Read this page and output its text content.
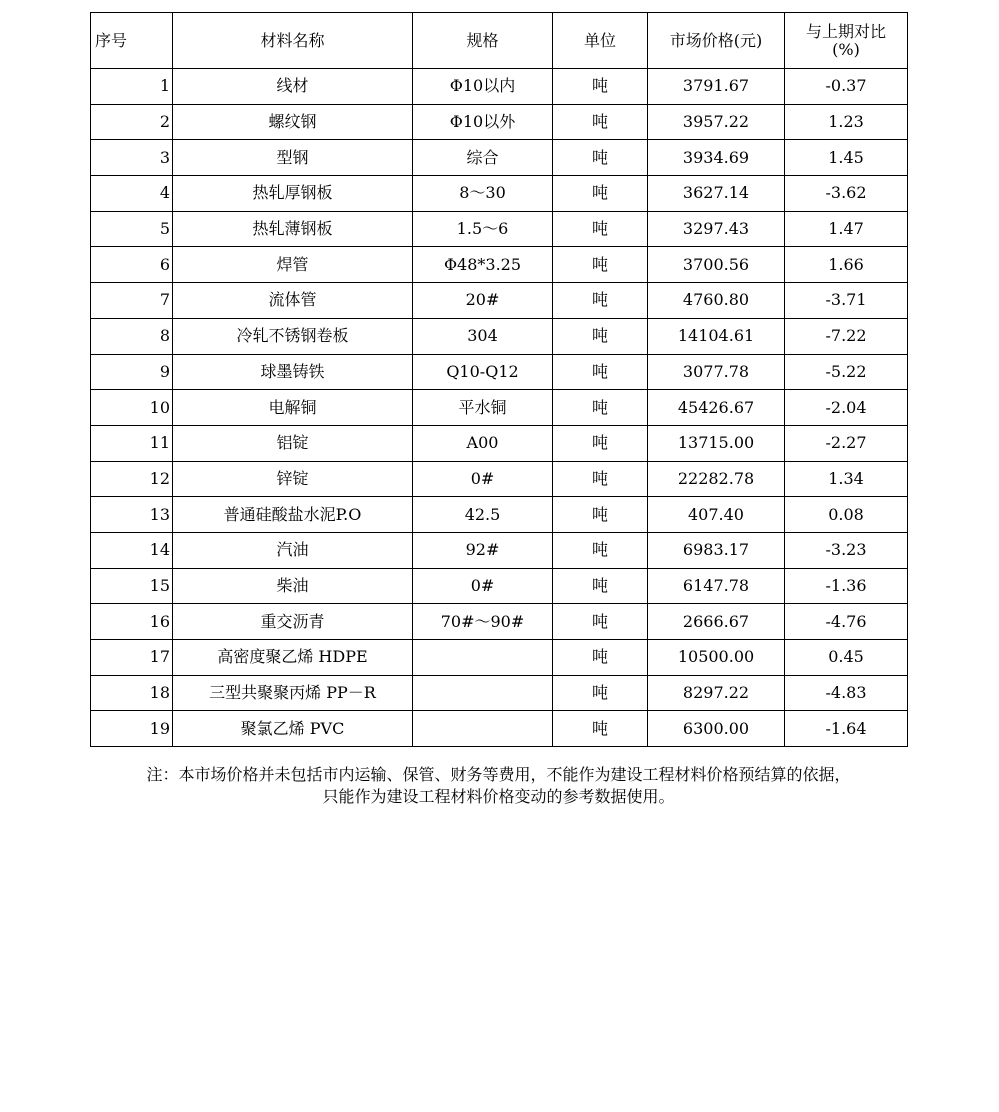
序号	材料名称	规格	单位	市场价格(元)	与上期对比
(%)

1	线材	Φ10以内	吨	3791.67	-0.37
2	螺纹钢	Φ10以外	吨	3957.22	1.23
3	型钢	综合	吨	3934.69	1.45
4	热轧厚钢板	8～30	吨	3627.14	-3.62
5	热轧薄钢板	1.5～6	吨	3297.43	1.47
6	焊管	Φ48*3.25	吨	3700.56	1.66
7	流体管	20#	吨	4760.80	-3.71
8	冷轧不锈钢卷板	304	吨	14104.61	-7.22
9	球墨铸铁	Q10-Q12	吨	3077.78	-5.22
10	电解铜	平水铜	吨	45426.67	-2.04
11	铝锭	A00	吨	13715.00	-2.27
12	锌锭	0#	吨	22282.78	1.34
13	普通硅酸盐水泥P.O	42.5	吨	407.40	0.08
14	汽油	92#	吨	6983.17	-3.23
15	柴油	0#	吨	6147.78	-1.36
16	重交沥青	70#～90#	吨	2666.67	-4.76
17	高密度聚乙烯 HDPE		吨	10500.00	0.45
18	三型共聚聚丙烯 PP－R		吨	8297.22	-4.83
19	聚氯乙烯 PVC		吨	6300.00	-1.64
注：本市场价格并未包括市内运输、保管、财务等费用，不能作为建设工程材料价格预结算的依据，
只能作为建设工程材料价格变动的参考数据使用。
